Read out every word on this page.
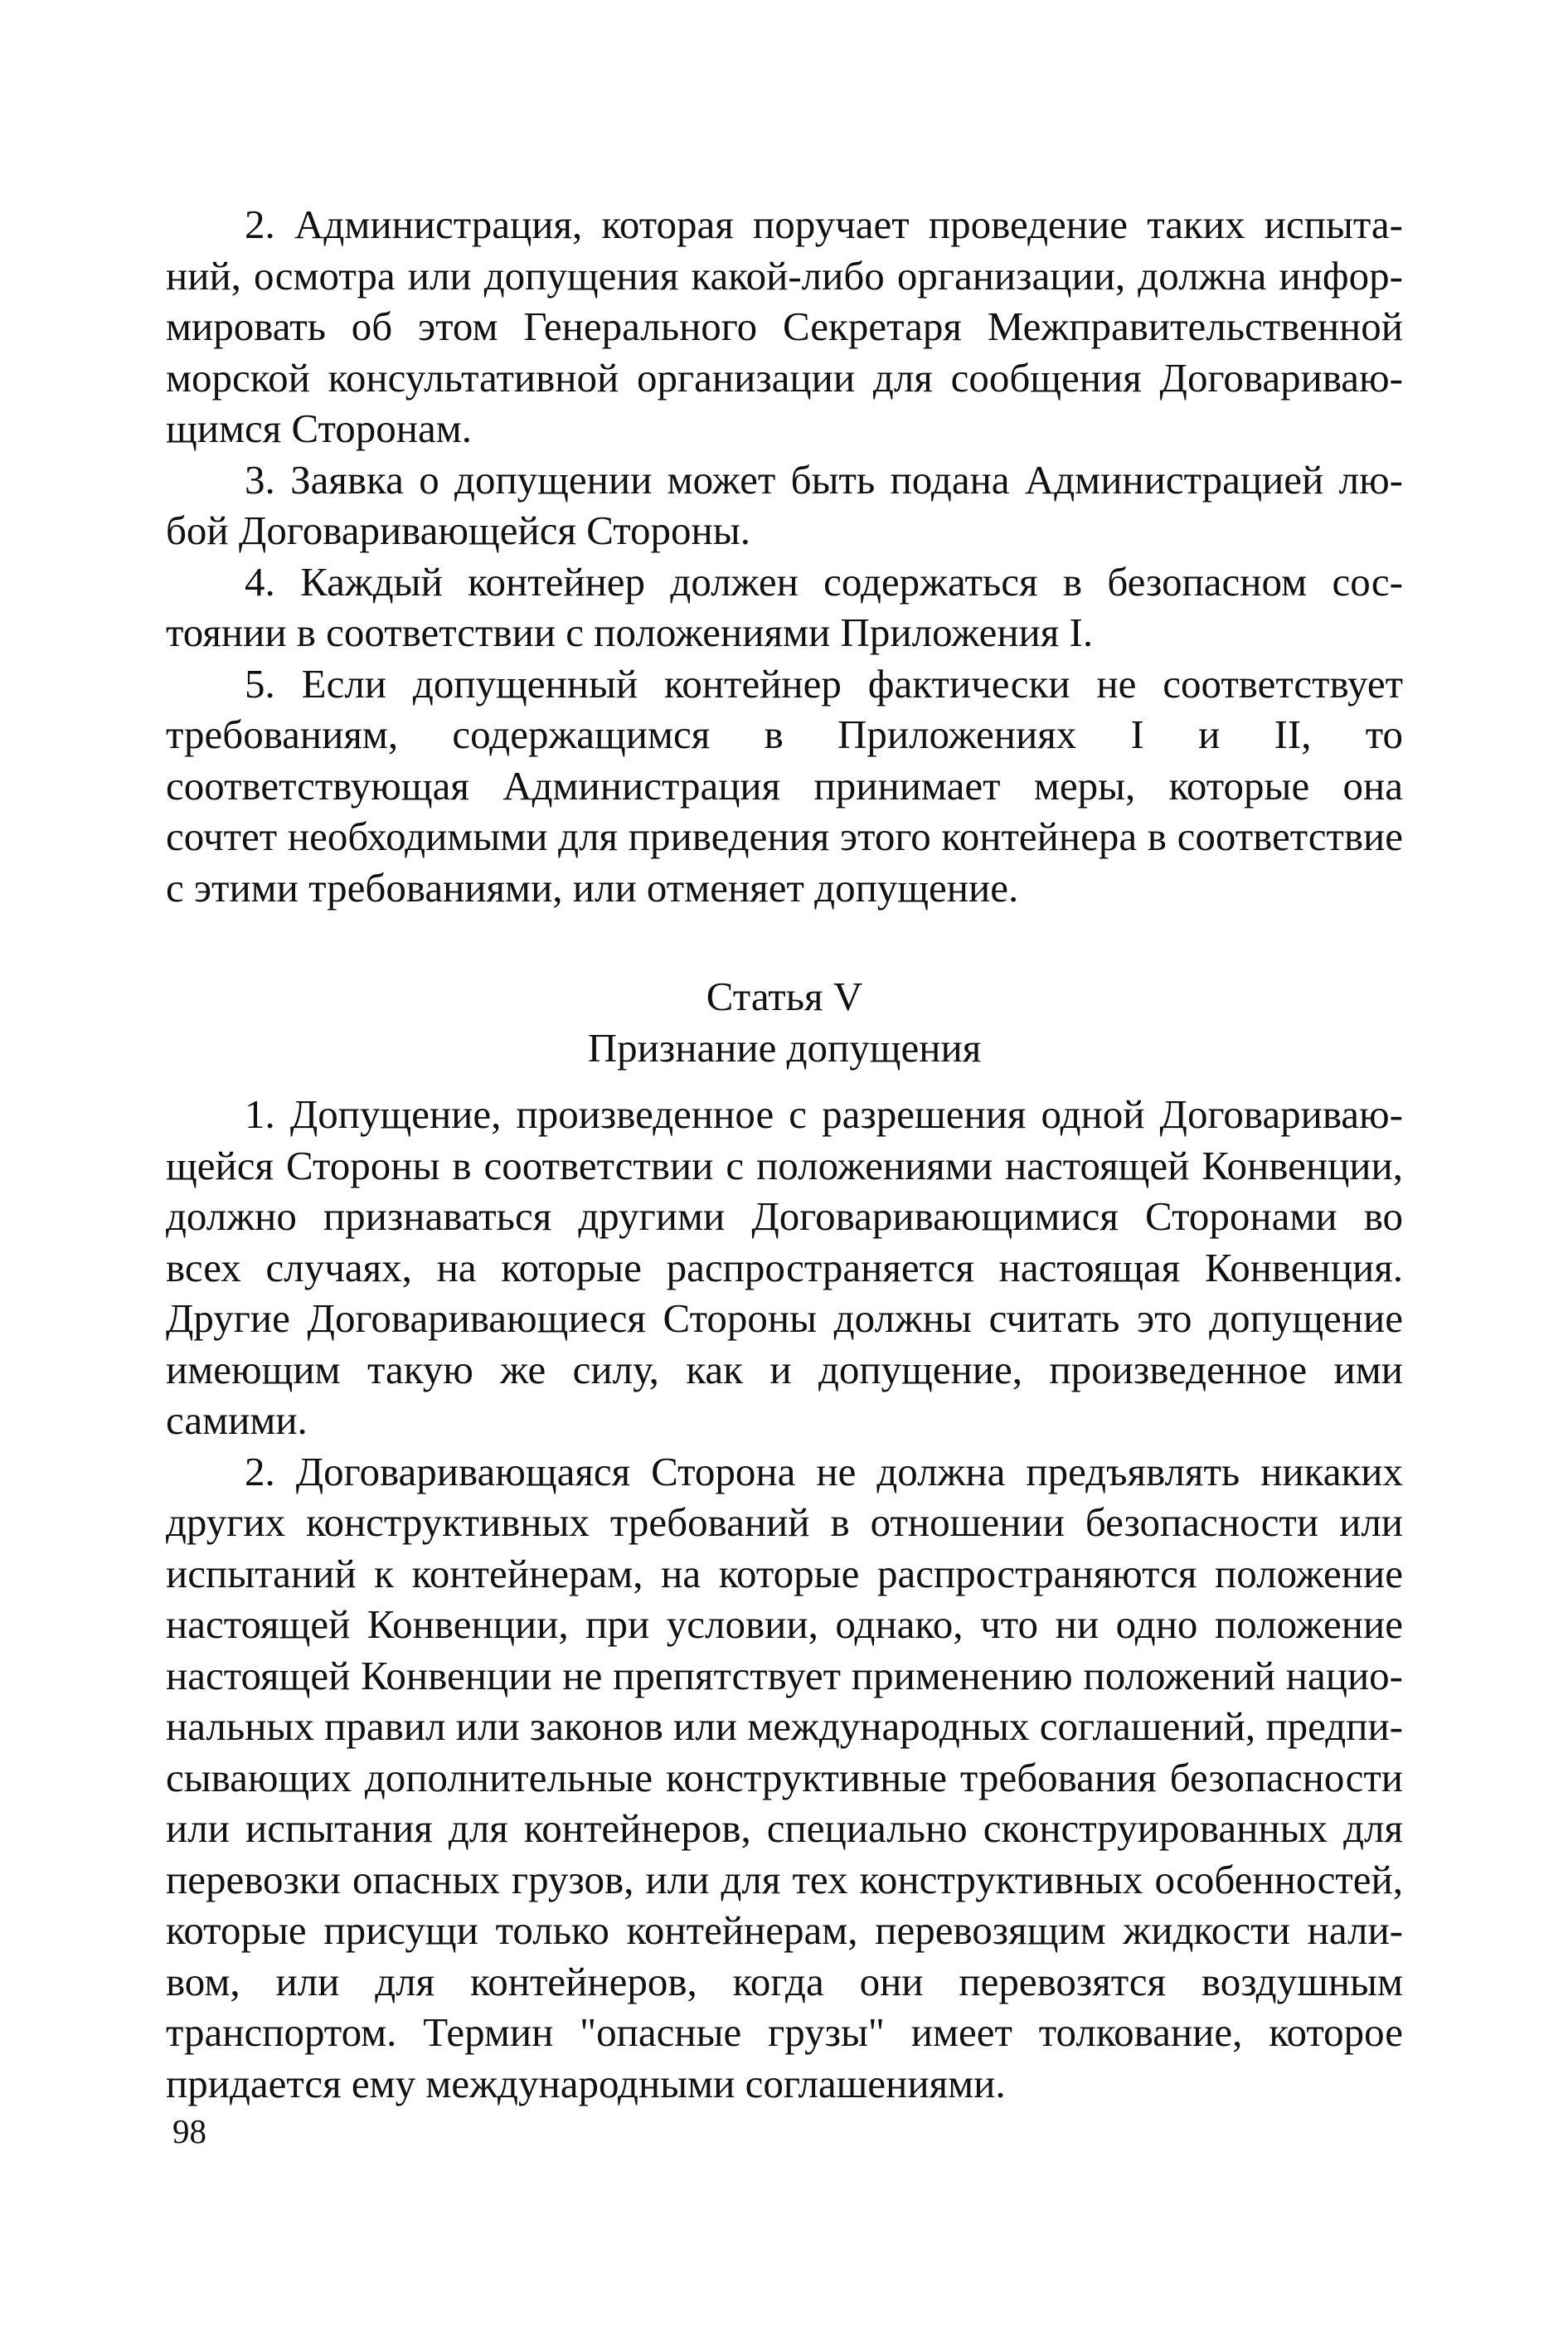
2. Администрация, которая поручает проведение таких испытаний, осмотра или допущения какой-либо организации, должна информировать об этом Генерального Секретаря Межправительственной морской консультативной организации для сообщения Договаривающимся Сторонам.

3. Заявка о допущении может быть подана Администрацией любой Договаривающейся Стороны.

4. Каждый контейнер должен содержаться в безопасном состоянии в соответствии с положениями Приложения I.

5. Если допущенный контейнер фактически не соответствует требованиям, содержащимся в Приложениях I и II, то соответствующая Администрация принимает меры, которые она сочтет необходимыми для приведения этого контейнера в соответствие с этими требованиями, или отменяет допущение.

Статья V

Признание допущения

1. Допущение, произведенное с разрешения одной Договаривающейся Стороны в соответствии с положениями настоящей Конвенции, должно признаваться другими Договаривающимися Сторонами во всех случаях, на которые распространяется настоящая Конвенция. Другие Договаривающиеся Стороны должны считать это допущение имеющим такую же силу, как и допущение, произведенное ими самими.

2. Договаривающаяся Сторона не должна предъявлять никаких других конструктивных требований в отношении безопасности или испытаний к контейнерам, на которые распространяются положение настоящей Конвенции, при условии, однако, что ни одно положение настоящей Конвенции не препятствует применению положений национальных правил или законов или международных соглашений, предписывающих дополнительные конструктивные требования безопасности или испытания для контейнеров, специально сконструированных для перевозки опасных грузов, или для тех конструктивных особенностей, которые присущи только контейнерам, перевозящим жидкости наливом, или для контейнеров, когда они перевозятся воздушным транспортом. Термин "опасные грузы" имеет толкование, которое придается ему международными соглашениями.

98
